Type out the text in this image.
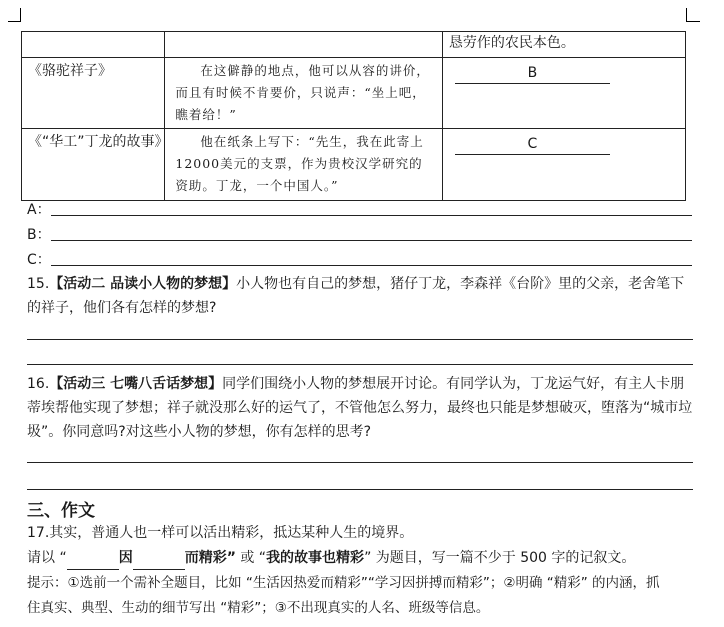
		恳劳作的农民本色。
《骆驼祥子》	在这僻静的地点，他可以从容的讲价，而且有时候不肯要价，只说声：“坐上吧，瞧着给！”	B

《“华工”丁龙的故事》	他在纸条上写下：“先生，我在此寄上12000美元的支票，作为贵校汉学研究的资助。丁龙，一个中国人。”	C
A：
B：
C：
15.【活动二 品读小人物的梦想】小人物也有自己的梦想，猪仔丁龙，李森祥《台阶》里的父亲，老舍笔下的祥子，他们各有怎样的梦想?
16.【活动三 七嘴八舌话梦想】同学们围绕小人物的梦想展开讨论。有同学认为，丁龙运气好，有主人卡朋蒂埃帮他实现了梦想；祥子就没那么好的运气了，不管他怎么努力，最终也只能是梦想破灭，堕落为“城市垃圾”。你同意吗?对这些小人物的梦想，你有怎样的思考?
三、作文
17.其实，普通人也一样可以活出精彩，抵达某种人生的境界。
请以 “	因	而精彩” 或 “我的故事也精彩” 为题目，写一篇不少于 500 字的记叙文。
提示：①选前一个需补全题目，比如 “生活因热爱而精彩”“学习因拼搏而精彩”；②明确 “精彩” 的内涵，抓
住真实、典型、生动的细节写出 “精彩”；③不出现真实的人名、班级等信息。
